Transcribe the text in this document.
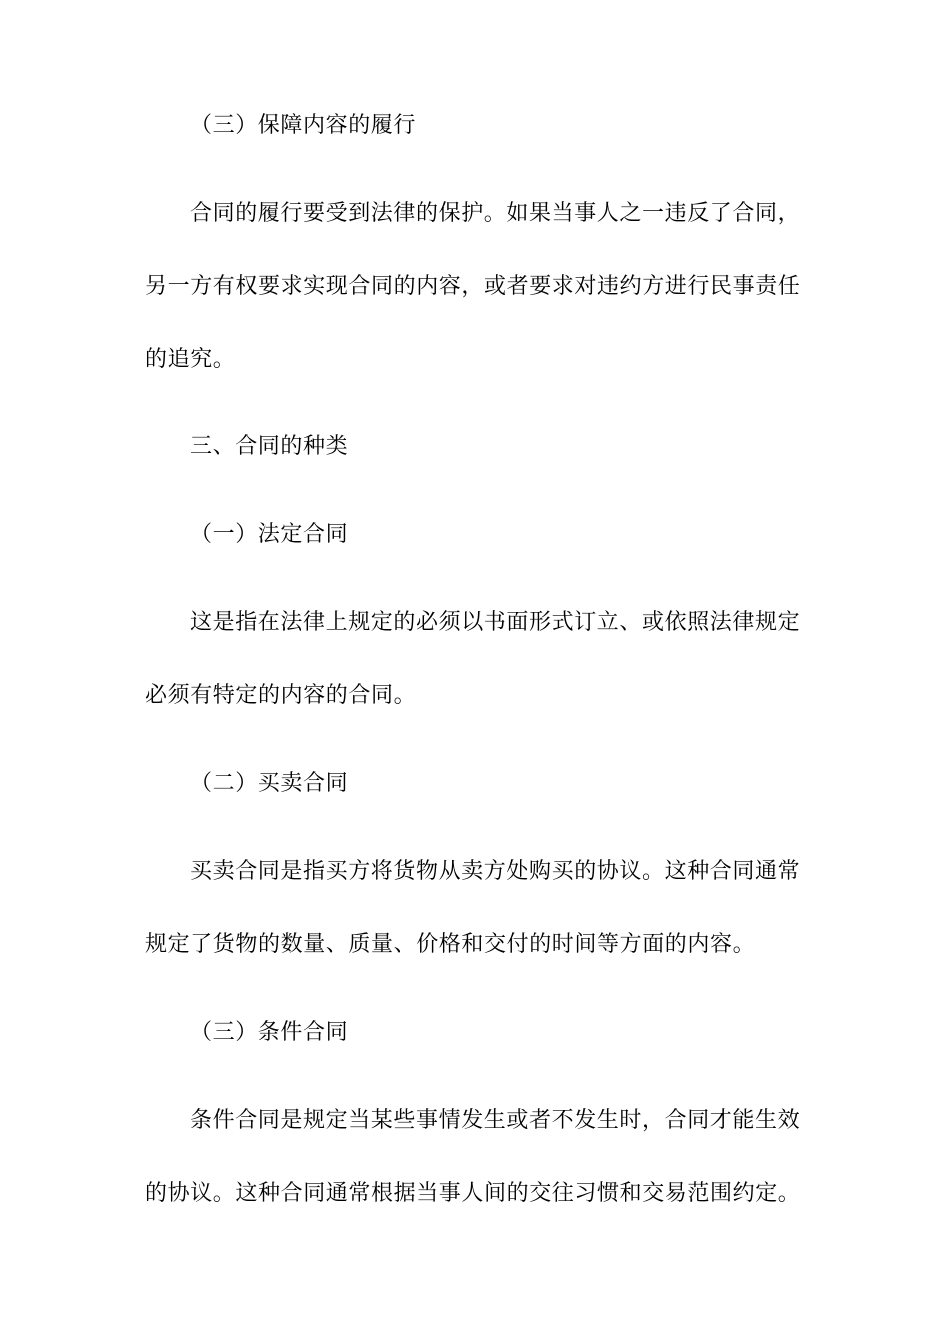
（三）保障内容的履行
合同的履行要受到法律的保护。如果当事人之一违反了合同，
另一方有权要求实现合同的内容，或者要求对违约方进行民事责任
的追究。
三、合同的种类
（一）法定合同
这是指在法律上规定的必须以书面形式订立、或依照法律规定
必须有特定的内容的合同。
（二）买卖合同
买卖合同是指买方将货物从卖方处购买的协议。这种合同通常
规定了货物的数量、质量、价格和交付的时间等方面的内容。
（三）条件合同
条件合同是规定当某些事情发生或者不发生时，合同才能生效
的协议。这种合同通常根据当事人间的交往习惯和交易范围约定。
